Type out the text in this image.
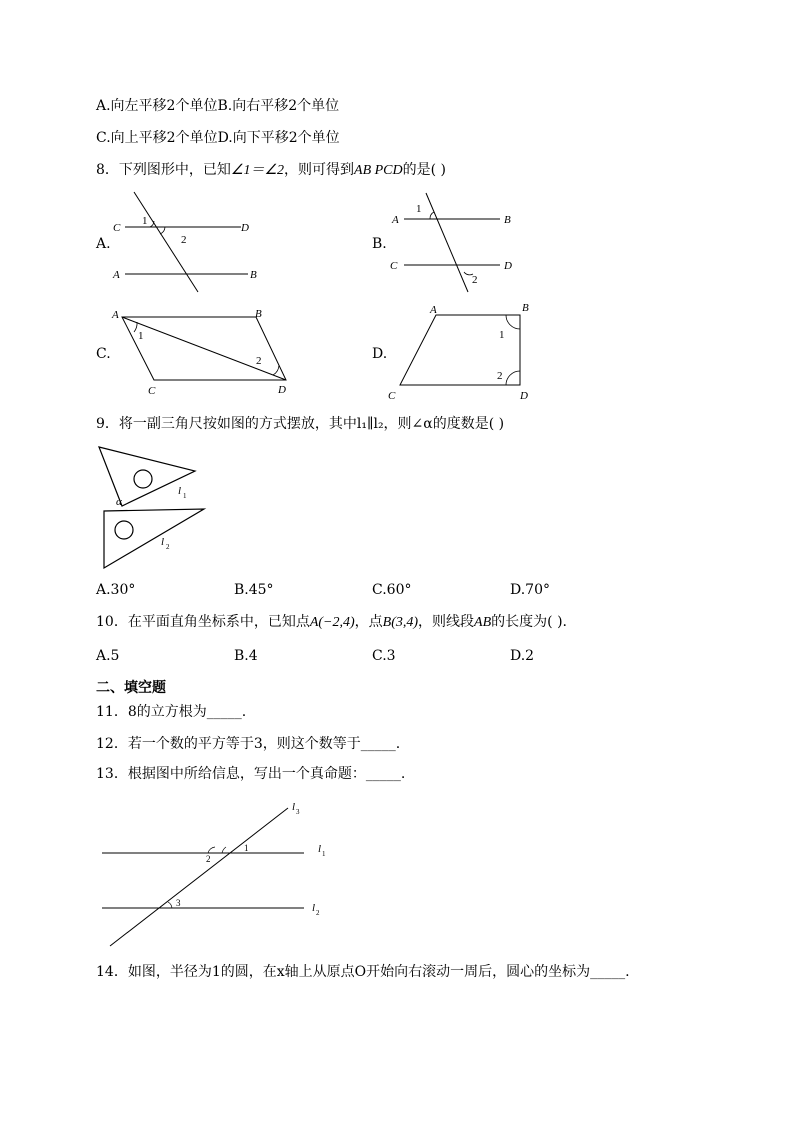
A.向左平移2个单位B.向右平移2个单位
C.向上平移2个单位D.向下平移2个单位
8．下列图形中，已知∠1＝∠2，则可得到AB PCD的是( )
A.
C	D
A	B
1
2	B.
A	B
C	D
1
2
C.
A	B
C	D
1
2	D.
A	B
C	D
1
2
9．将一副三角尺按如图的方式摆放，其中l₁∥l₂，则∠α的度数是( )
α
l 1
l 2
A.30°	B.45°	C.60°	D.70°
10．在平面直角坐标系中，已知点A(−2,4)，点B(3,4)，则线段AB的长度为( ).
A.5	B.4	C.3	D.2
二、填空题
11．8的立方根为_____.
12．若一个数的平方等于3，则这个数等于_____.
13．根据图中所给信息，写出一个真命题：_____.
l 3
l 1
l 2
1
2
3
14．如图，半径为1的圆，在x轴上从原点O开始向右滚动一周后，圆心的坐标为_____.
